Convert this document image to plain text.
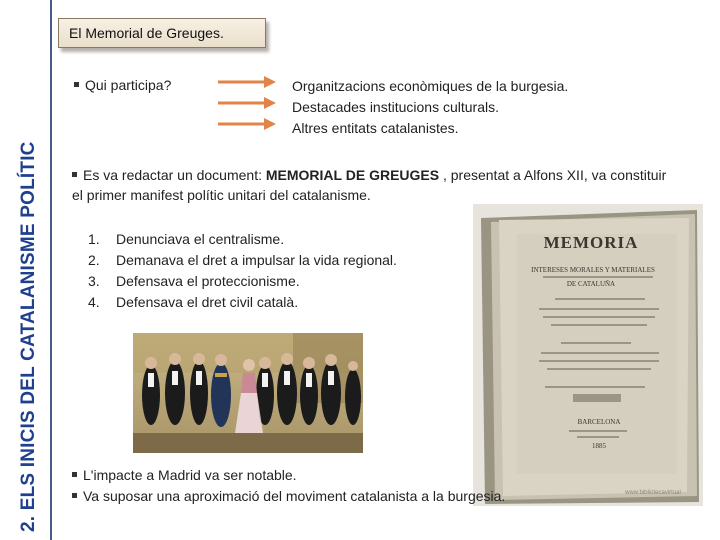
2. ELS INICIS DEL CATALANISME POLÍTIC
El Memorial de Greuges.
Qui participa?	Organitzacions econòmiques de la burgesia.
Destacades institucions culturals.
Altres entitats catalanistes.
Es va redactar un document: MEMORIAL DE GREUGES , presentat a Alfons XII, va constituir el primer manifest polític unitari del catalanisme.
1. Denunciava el centralisme.
2. Demanava el dret a impulsar la vida regional.
3. Defensava el proteccionisme.
4. Defensava el dret civil català.
MEMORIA
INTERESES MORALES Y MATERIALES
DE CATALUÑA
BARCELONA
1885
www.bibliotecavirtual
L'impacte a Madrid va ser notable.
Va suposar una aproximació del moviment catalanista a la burgesia.
